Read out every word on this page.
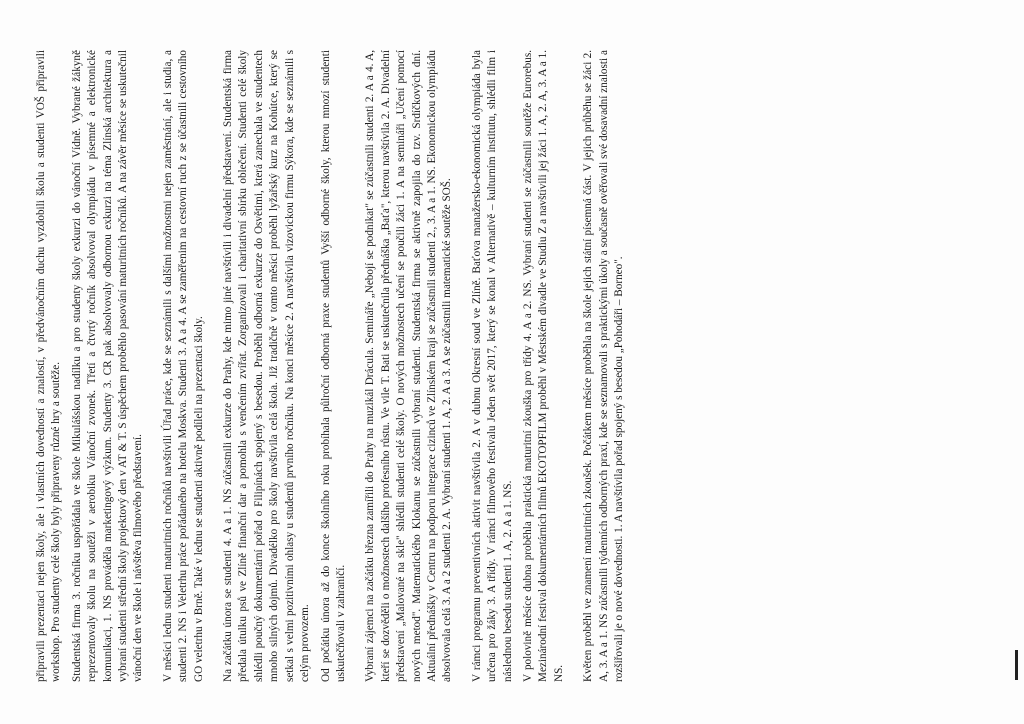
připravili prezentaci nejen školy, ale i vlastních dovedností a znalostí, v předvánočním duchu vyzdobili školu a studenti VOŠ připravili workshop. Pro studenty celé školy byly připraveny různé hry a soutěže. Studentská firma 3. ročníku uspořádala ve škole Mikulášskou nadílku a pro studenty školy exkurzi do vánoční Vídně. Vybrané žákyně reprezentovaly školu na soutěži v aerobiku Vánoční zvonek. Třetí a čtvrtý ročník absolvoval olympiádu v písemné a elektronické komunikaci, 1. NS prováděla marketingový výzkum. Studenty 3. CR pak absolvovaly odbornou exkurzi na téma Zlínská architektura a vybraní studenti střední školy projektový den v AT & T. S úspěchem proběhlo pasování maturitních ročníků. A na závěr měsíce se uskutečnil vánoční den ve škole i návštěva filmového představení. V měsíci lednu studenti maturitních ročníků navštívili Úřad práce, kde se seznámili s dalšími možnostmi nejen zaměstnání, ale i studia, a studenti 2. NS i Veletrhu práce pořádaného na hotelu Moskva. Studenti 3. A a 4. A se zaměřenim na cestovní ruch z se účastnili cestovního GO veletrhu v Brně. Také v lednu se studenti aktivně podíleli na prezentaci školy. Na začátku února se studenti 4. A a 1. NS zúčastnili exkurze do Prahy, kde mimo jiné navštívili i divadelní představení. Studentská firma předala útulku psů ve Zlíně finanční dar a pomohla s venčením zvířat. Zorganizovali i charitativní sbírku oblečení. Studenti celé školy shlédli poučný dokumentární pořad o Filipínách spojený s besedou. Proběhl odborná exkurze do Osvětimi, která zanechala ve studentech mnoho silných dojmů. Divadélko pro školy navštívila celá škola. Již tradičně v tomto měsíci proběhl lyžařský kurz na Kohútce, který se setkal s velmi pozitivními ohlasy u studentů prvního ročníku. Na konci měsíce 2. A navštívila vizovickou firmu Sýkora, kde se seznámili s celým provozem. Od počátku února až do konce školního roku probíhala půlroční odborná praxe studentů Vyšší odborné školy, kterou mnozí studenti uskutečňovali v zahraničí. Vybraní zájemci na začátku března zamířili do Prahy na muzikál Drácula. Semináře „Nebojí se podnikat" se zúčastnili studenti 2. A a 4. A, kteří se dozvěděli o možnostech dalšího profesního růstu. Ve vile T. Bati se uskutečnila přednáška „Baťa", kterou navštívila 2. A. Divadelní představení „Malované na skle" shlédli studenti celé školy. O nových možnostech učení se poučili žáci 1. A na semináři „Učení pomocí nových metod". Matematického Klokanu se zúčastnili vybraní studenti. Studentská firma se aktivně zapojila do tzv. Srdíčkových dní. Aktuální přednášky v Centru na podporu integrace cizinců ve Zlínském kraji se zúčastnili studenti 2., 3. A a 1. NS. Ekonomickou olympiádu absolvovala celá 3. A a 2 studenti 2. A. Vybraní studenti 1. A, 2. A a 3. A se zúčastnili matematické soutěže SOŠ. V rámci programu preventivních aktivit navštívila 2. A v dubnu Okresní soud ve Zlíně. Baťova manažersko-ekonomická olympiáda byla určena pro žáky 3. A třídy. V rámci filmového festivalu Jeden svět 2017, který se konal v Alternativě – kulturním institutu, shlédli film i následnou besedu studenti 1. A, 2. A a 1. NS. V polovině měsíce dubna proběhla praktická maturitní zkouška pro třídy 4. A a 2. NS. Vybraní studenti se zúčastnili soutěže Eurorebus. Mezinárodní festival dokumentárních filmů EKOTOPFILM proběhl v Městském divadle ve Studiu Z a navštívili jej žáci 1. A, 2. A, 3. A a 1. NS. Květen proběhl ve znamení maturitních zkoušek. Počátkem měsíce proběhla na škole jejich státní písemná část. V jejich průběhu se žáci 2. A, 3. A a 1. NS zúčastnili týdenních odborných praxí, kde se seznamovali s praktickými úkoly a současně ověřovali své dosavadní znalosti a rozšiřovali je o nové dovednosti. 1. A navštívila pořad spojený s besedou „Pohodáři – Borneo".
